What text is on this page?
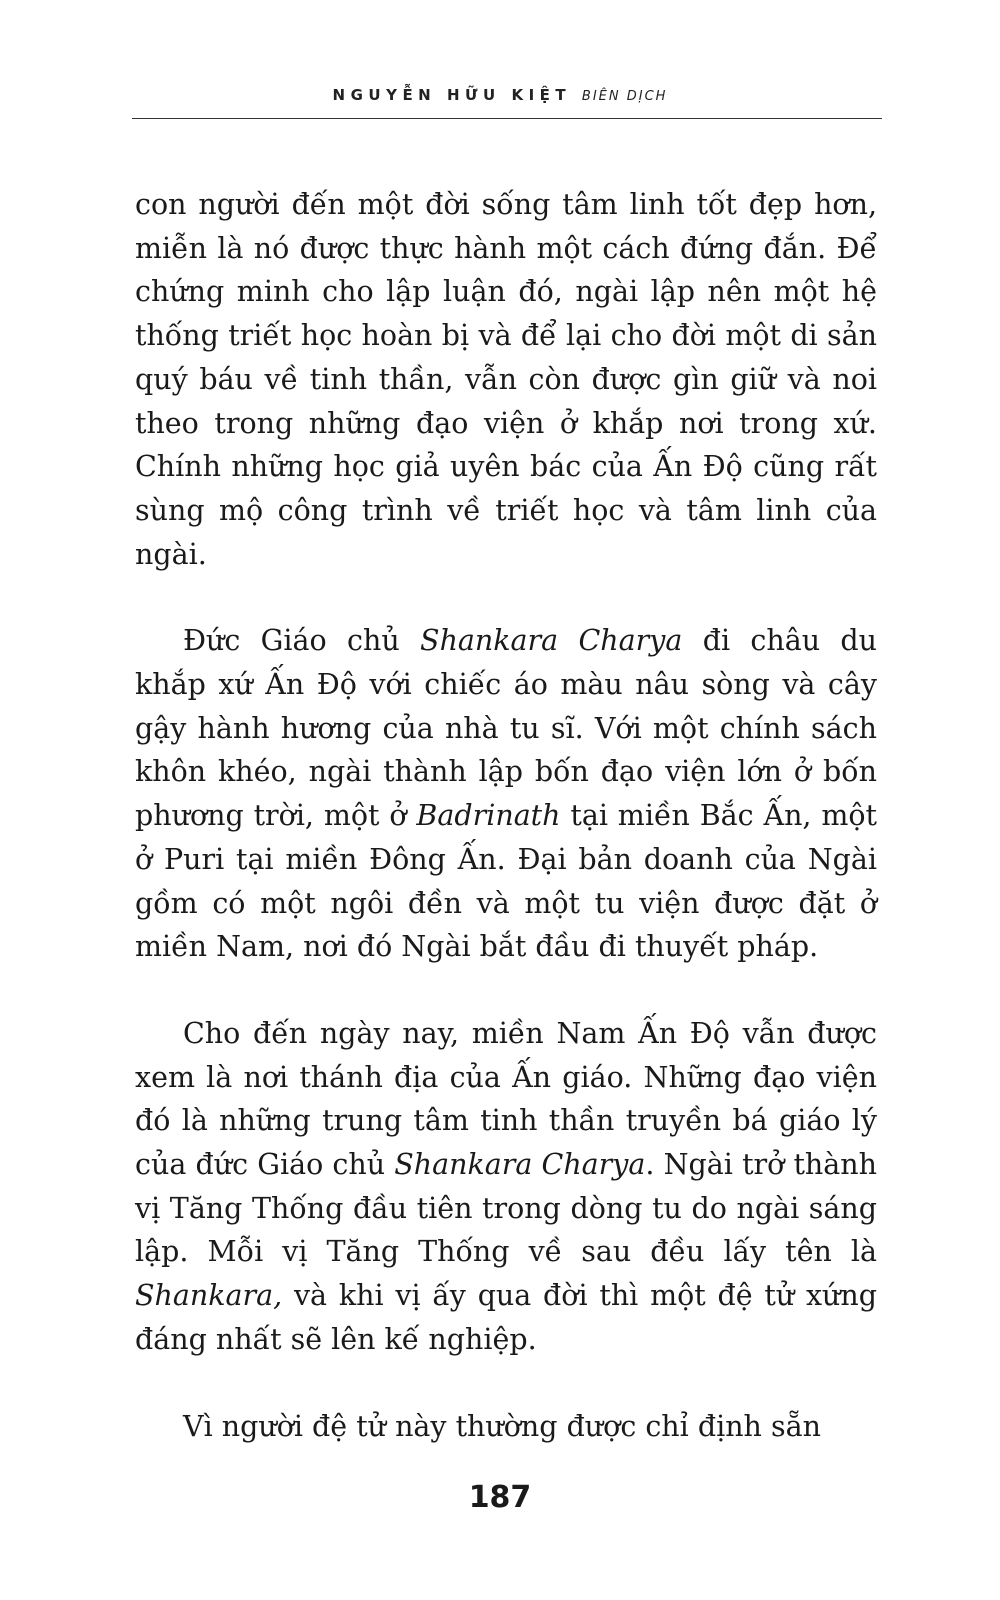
NGUYỄN HỮU KIỆT BIÊN DỊCH

con người đến một đời sống tâm linh tốt đẹp hơn, miễn là nó được thực hành một cách đứng đắn. Để chứng minh cho lập luận đó, ngài lập nên một hệ thống triết học hoàn bị và để lại cho đời một di sản quý báu về tinh thần, vẫn còn được gìn giữ và noi theo trong những đạo viện ở khắp nơi trong xứ. Chính những học giả uyên bác của Ấn Độ cũng rất sùng mộ công trình về triết học và tâm linh của ngài.

Đức Giáo chủ Shankara Charya đi châu du khắp xứ Ấn Độ với chiếc áo màu nâu sòng và cây gậy hành hương của nhà tu sĩ. Với một chính sách khôn khéo, ngài thành lập bốn đạo viện lớn ở bốn phương trời, một ở Badrinath tại miền Bắc Ấn, một ở Puri tại miền Đông Ấn. Đại bản doanh của Ngài gồm có một ngôi đền và một tu viện được đặt ở miền Nam, nơi đó Ngài bắt đầu đi thuyết pháp.

Cho đến ngày nay, miền Nam Ấn Độ vẫn được xem là nơi thánh địa của Ấn giáo. Những đạo viện đó là những trung tâm tinh thần truyền bá giáo lý của đức Giáo chủ Shankara Charya. Ngài trở thành vị Tăng Thống đầu tiên trong dòng tu do ngài sáng lập. Mỗi vị Tăng Thống về sau đều lấy tên là Shankara, và khi vị ấy qua đời thì một đệ tử xứng đáng nhất sẽ lên kế nghiệp.

Vì người đệ tử này thường được chỉ định sẵn

187
